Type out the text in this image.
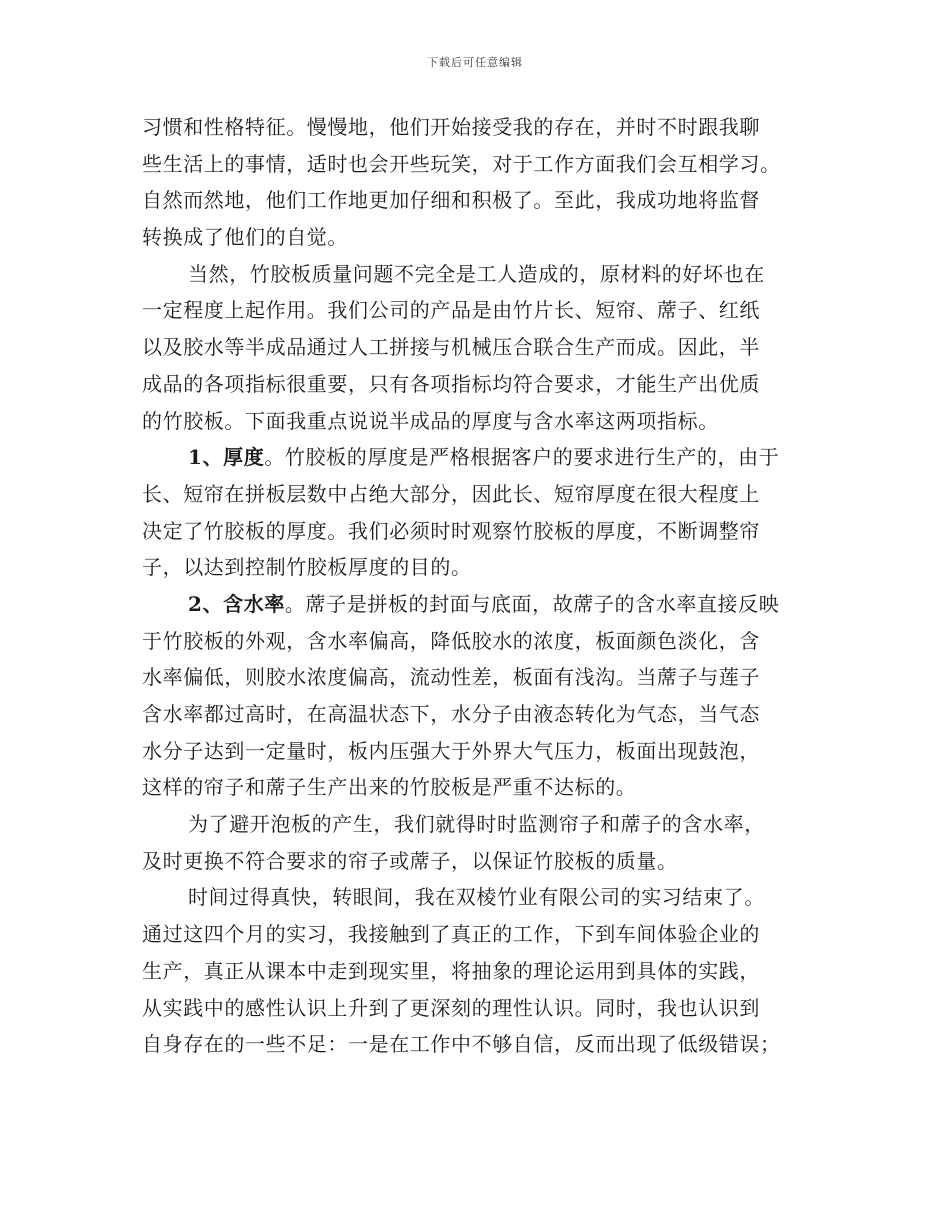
下载后可任意编辑
习惯和性格特征。慢慢地，他们开始接受我的存在，并时不时跟我聊
些生活上的事情，适时也会开些玩笑，对于工作方面我们会互相学习。
自然而然地，他们工作地更加仔细和积极了。至此，我成功地将监督
转换成了他们的自觉。
当然，竹胶板质量问题不完全是工人造成的，原材料的好坏也在
一定程度上起作用。我们公司的产品是由竹片长、短帘、蓆子、红纸
以及胶水等半成品通过人工拼接与机械压合联合生产而成。因此，半
成品的各项指标很重要，只有各项指标均符合要求，才能生产出优质
的竹胶板。下面我重点说说半成品的厚度与含水率这两项指标。
1、厚度。竹胶板的厚度是严格根据客户的要求进行生产的，由于
长、短帘在拼板层数中占绝大部分，因此长、短帘厚度在很大程度上
决定了竹胶板的厚度。我们必须时时观察竹胶板的厚度，不断调整帘
子，以达到控制竹胶板厚度的目的。
2、含水率。蓆子是拼板的封面与底面，故蓆子的含水率直接反映
于竹胶板的外观，含水率偏高，降低胶水的浓度，板面颜色淡化，含
水率偏低，则胶水浓度偏高，流动性差，板面有浅沟。当蓆子与莲子
含水率都过高时，在高温状态下，水分子由液态转化为气态，当气态
水分子达到一定量时，板内压强大于外界大气压力，板面出现鼓泡，
这样的帘子和蓆子生产出来的竹胶板是严重不达标的。
为了避开泡板的产生，我们就得时时监测帘子和蓆子的含水率，
及时更换不符合要求的帘子或蓆子，以保证竹胶板的质量。
时间过得真快，转眼间，我在双棱竹业有限公司的实习结束了。
通过这四个月的实习，我接触到了真正的工作，下到车间体验企业的
生产，真正从课本中走到现实里，将抽象的理论运用到具体的实践，
从实践中的感性认识上升到了更深刻的理性认识。同时，我也认识到
自身存在的一些不足：一是在工作中不够自信，反而出现了低级错误；
